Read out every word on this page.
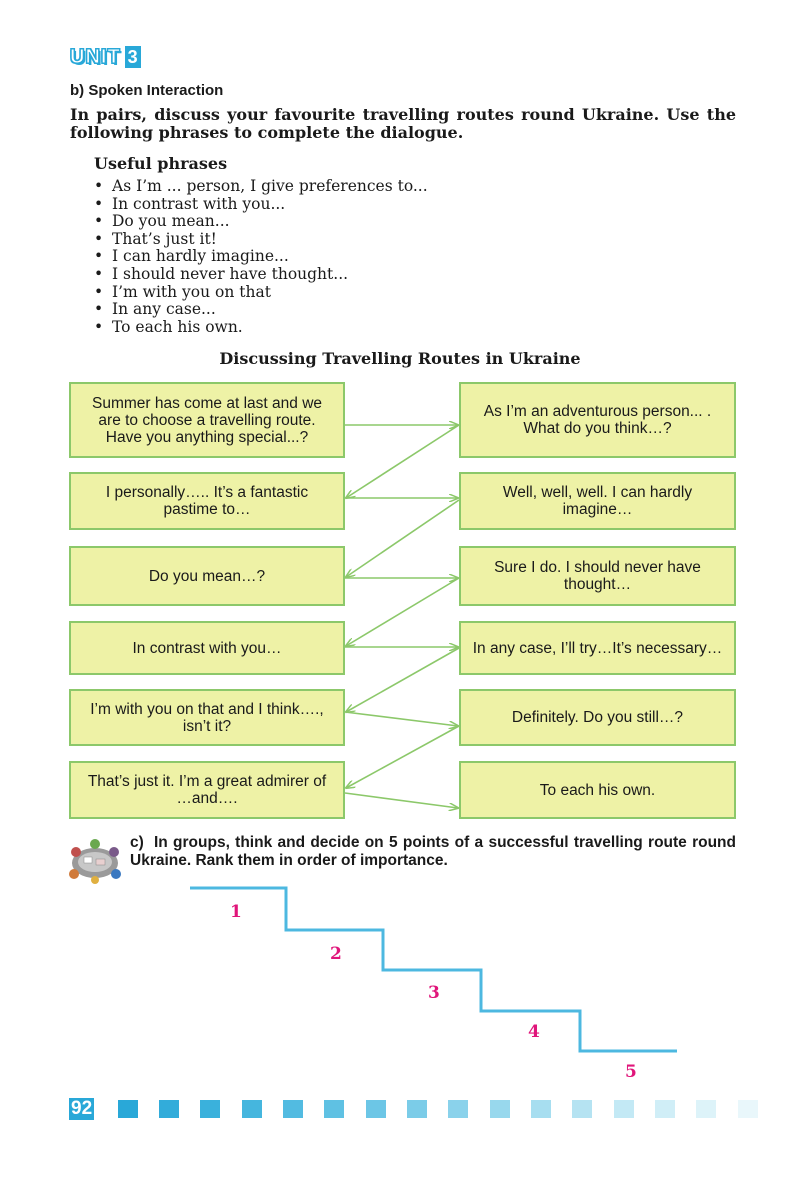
UNIT 3
b) Spoken Interaction
In pairs, discuss your favourite travelling routes round Ukraine. Use the following phrases to complete the dialogue.
Useful phrases
• As I’m ... person, I give preferences to...
• In contrast with you...
• Do you mean...
• That’s just it!
• I can hardly imagine...
• I should never have thought...
• I’m with you on that
• In any case...
• To each his own.
Discussing Travelling Routes in Ukraine
Summer has come at last and we are to choose a travelling route. Have you anything special...?
I personally….. It’s a fantastic pastime to…
Do you mean…?
In contrast with you…
I’m with you on that and I think…., isn’t it?
That’s just it. I’m a great admirer of …and….
As I’m an adventurous person... . What do you think…?
Well, well, well. I can hardly imagine…
Sure I do. I should never have thought…
In any case, I’ll try…It’s necessary…
Definitely. Do you still…?
To each his own.
c) In groups, think and decide on 5 points of a successful travelling route round Ukraine. Rank them in order of importance.
1
2
3
4
5
92
